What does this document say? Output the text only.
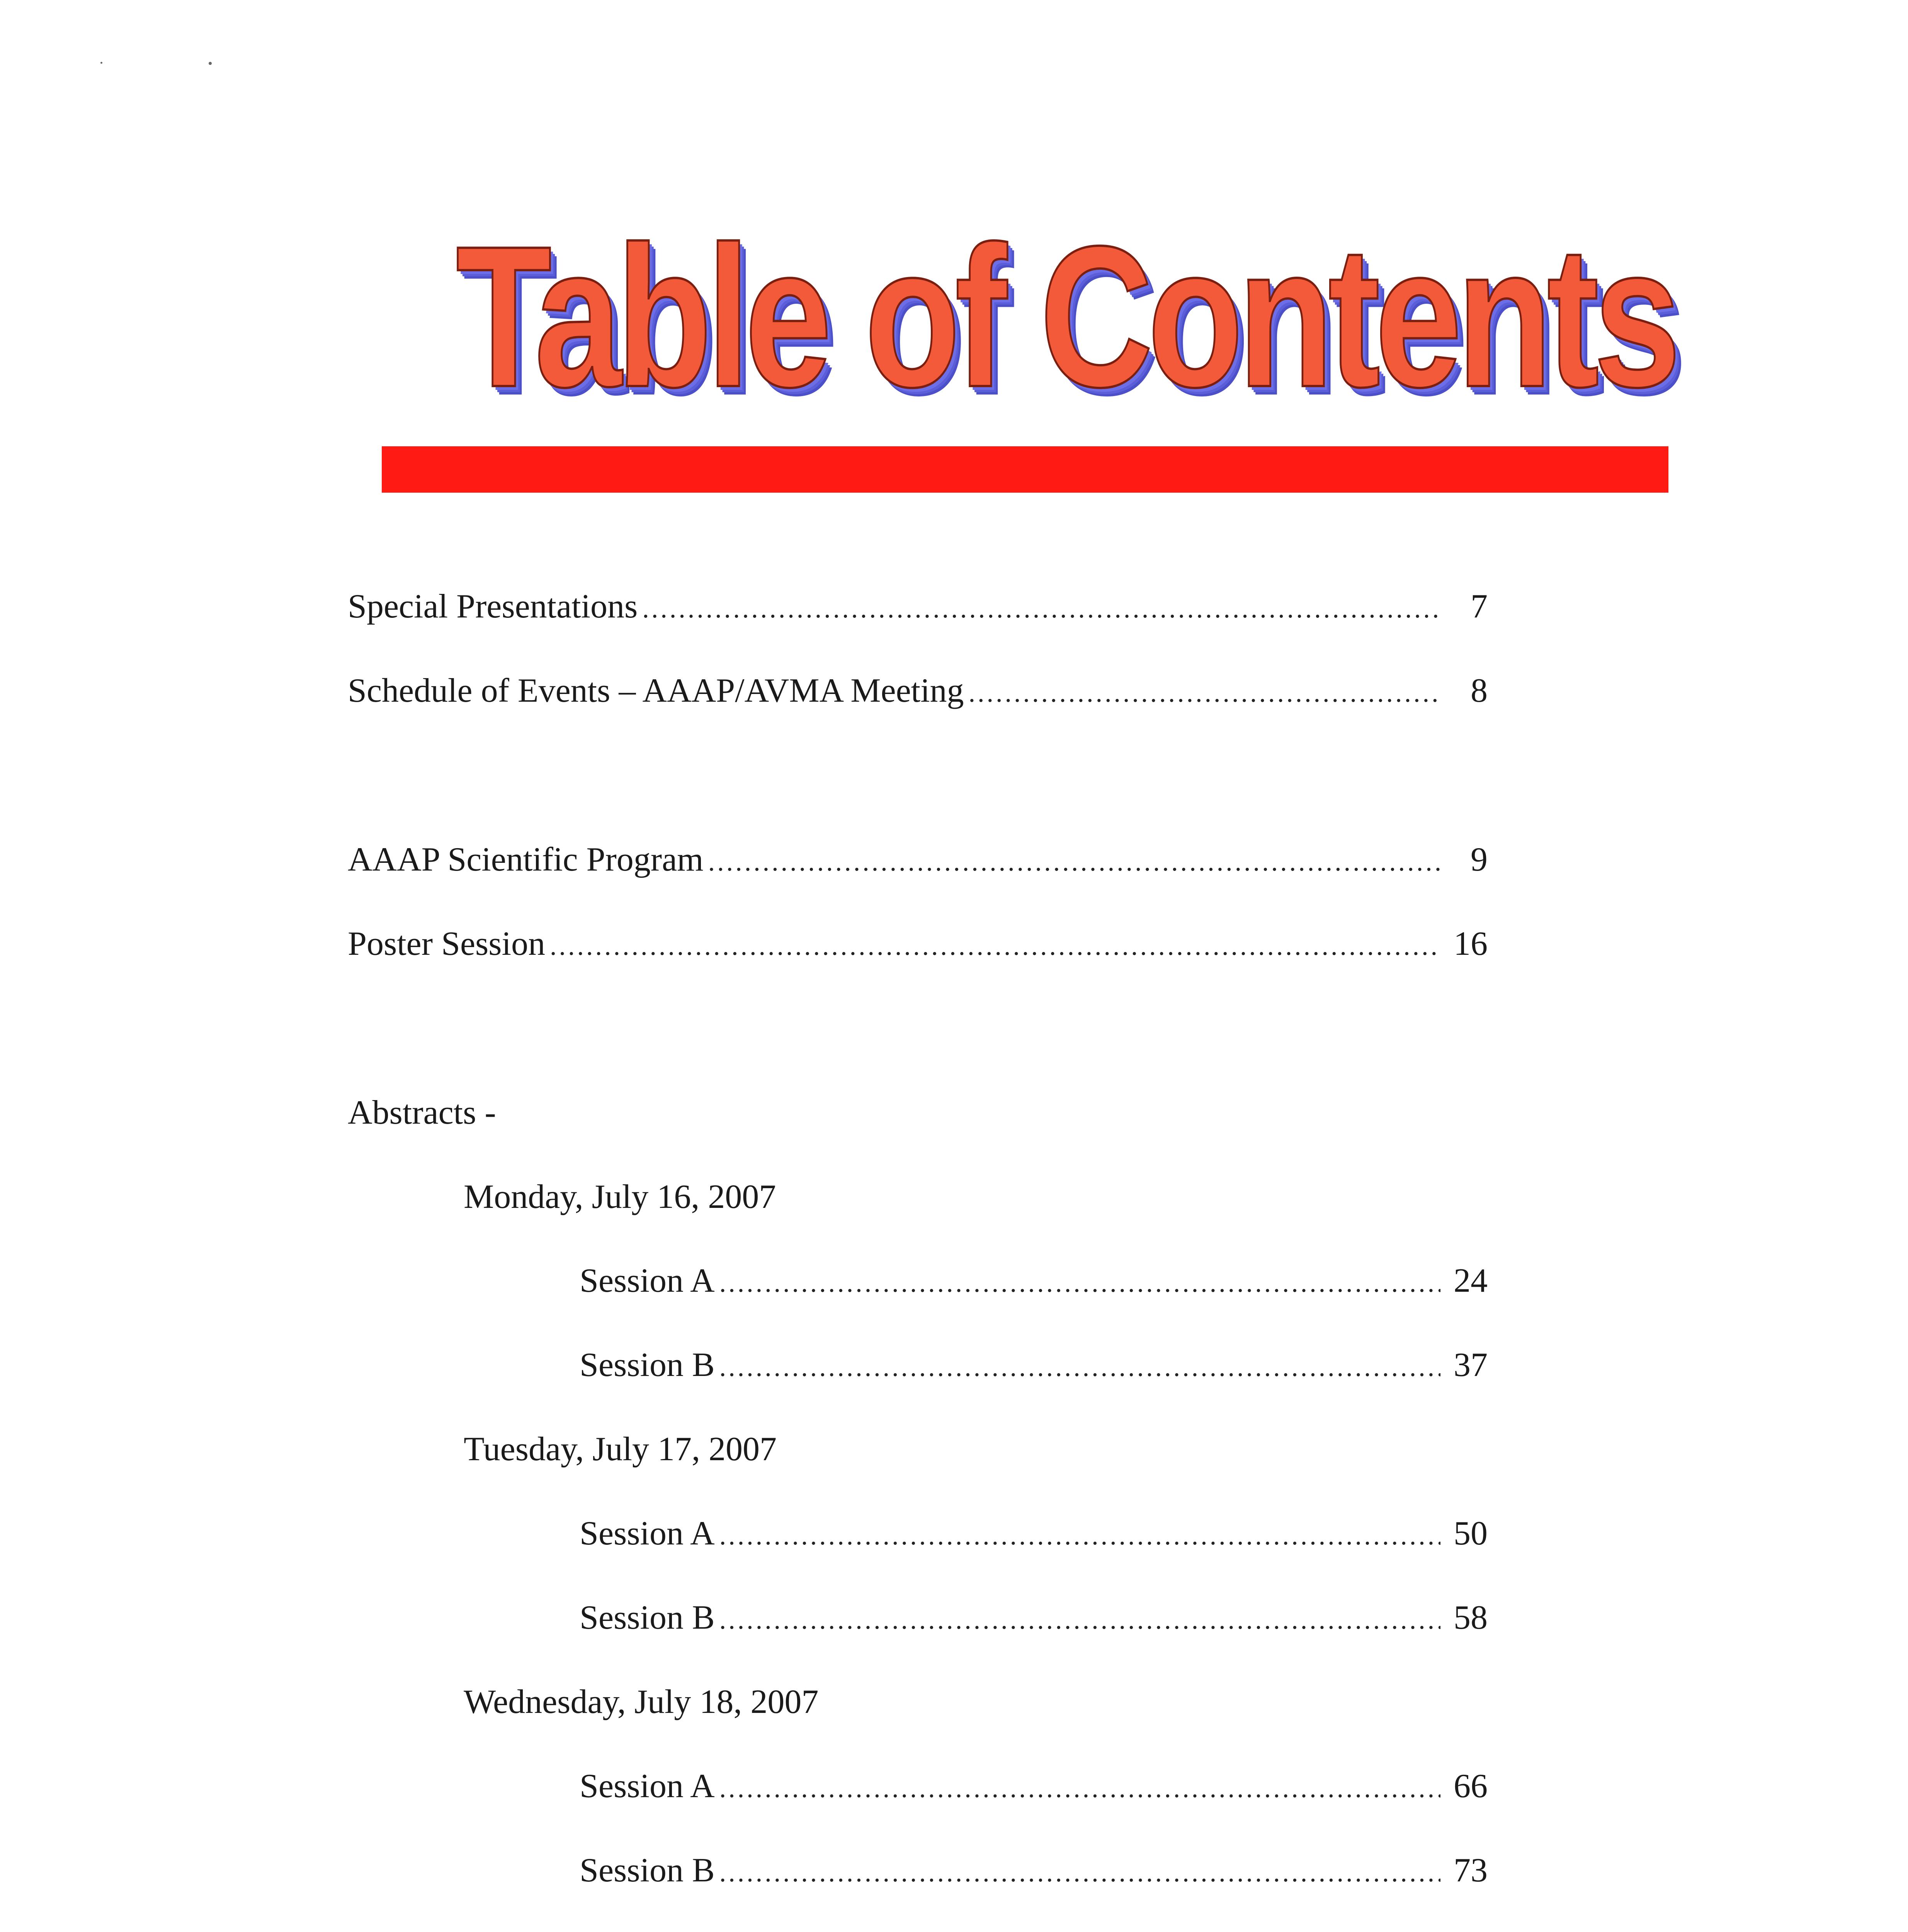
Table of Contents
Special Presentations .....	7
Schedule of Events – AAAP/AVMA Meeting .....	8
AAAP Scientific Program .....	9
Poster Session .....	16
Abstracts -
Monday, July 16, 2007
Session A .....	24
Session B .....	37
Tuesday, July 17, 2007
Session A .....	50
Session B .....	58
Wednesday, July 18, 2007
Session A .....	66
Session B .....	73
